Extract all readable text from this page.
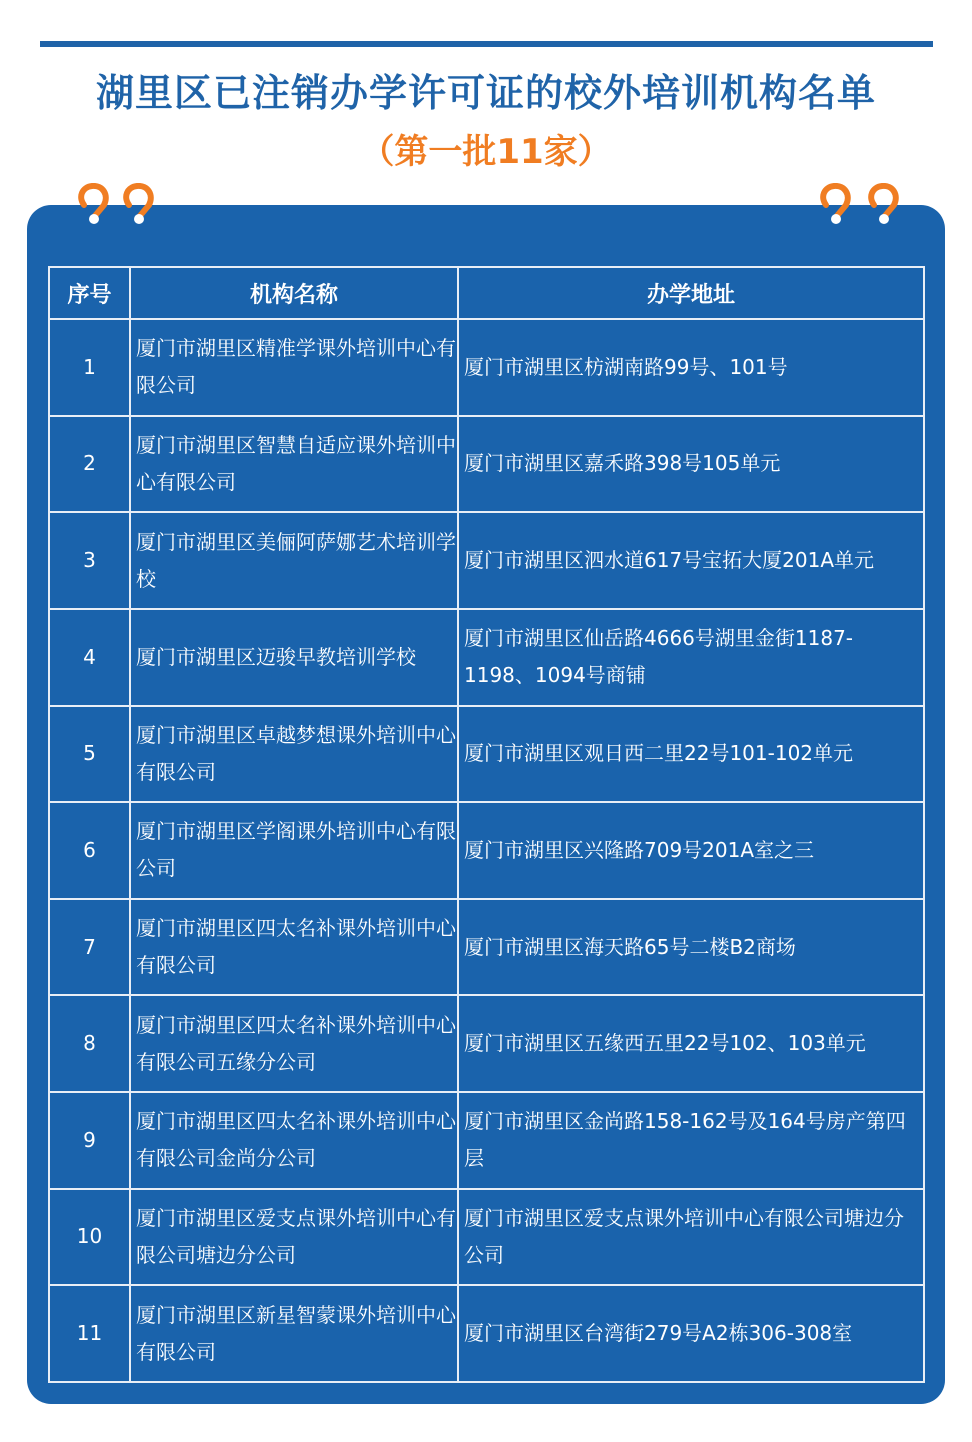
湖里区已注销办学许可证的校外培训机构名单
（第一批11家）
序号	机构名称	办学地址
1	厦门市湖里区精准学课外培训中心有限公司	厦门市湖里区枋湖南路99号、101号
2	厦门市湖里区智慧自适应课外培训中心有限公司	厦门市湖里区嘉禾路398号105单元
3	厦门市湖里区美俪阿萨娜艺术培训学校	厦门市湖里区泗水道617号宝拓大厦201A单元
4	厦门市湖里区迈骏早教培训学校	厦门市湖里区仙岳路4666号湖里金街1187-1198、1094号商铺
5	厦门市湖里区卓越梦想课外培训中心有限公司	厦门市湖里区观日西二里22号101-102单元
6	厦门市湖里区学阁课外培训中心有限公司	厦门市湖里区兴隆路709号201A室之三
7	厦门市湖里区四太名补课外培训中心有限公司	厦门市湖里区海天路65号二楼B2商场
8	厦门市湖里区四太名补课外培训中心有限公司五缘分公司	厦门市湖里区五缘西五里22号102、103单元
9	厦门市湖里区四太名补课外培训中心有限公司金尚分公司	厦门市湖里区金尚路158-162号及164号房产第四层
10	厦门市湖里区爱支点课外培训中心有限公司塘边分公司	厦门市湖里区爱支点课外培训中心有限公司塘边分公司
11	厦门市湖里区新星智蒙课外培训中心有限公司	厦门市湖里区台湾街279号A2栋306-308室
